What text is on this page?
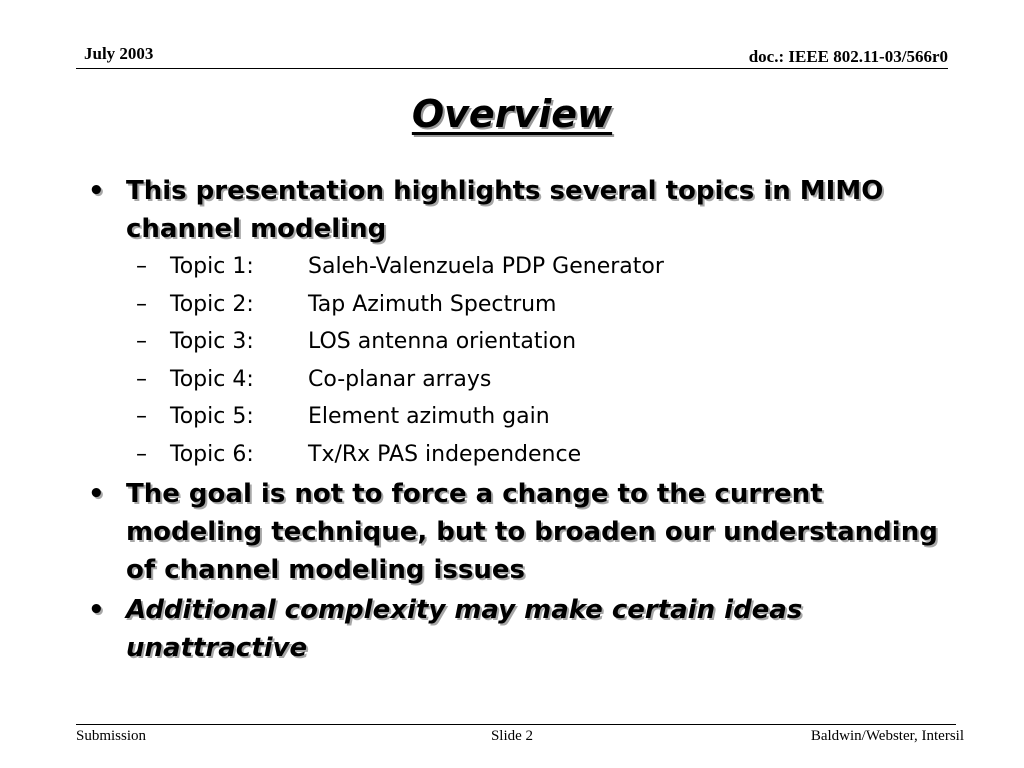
July 2003	doc.: IEEE 802.11-03/566r0
Overview
• This presentation highlights several topics in MIMO channel modeling
– Topic 1: Saleh-Valenzuela PDP Generator
– Topic 2: Tap Azimuth Spectrum
– Topic 3: LOS antenna orientation
– Topic 4: Co-planar arrays
– Topic 5: Element azimuth gain
– Topic 6: Tx/Rx PAS independence
• The goal is not to force a change to the current modeling technique, but to broaden our understanding of channel modeling issues
• Additional complexity may make certain ideas unattractive
Submission	Slide 2	Baldwin/Webster, Intersil
